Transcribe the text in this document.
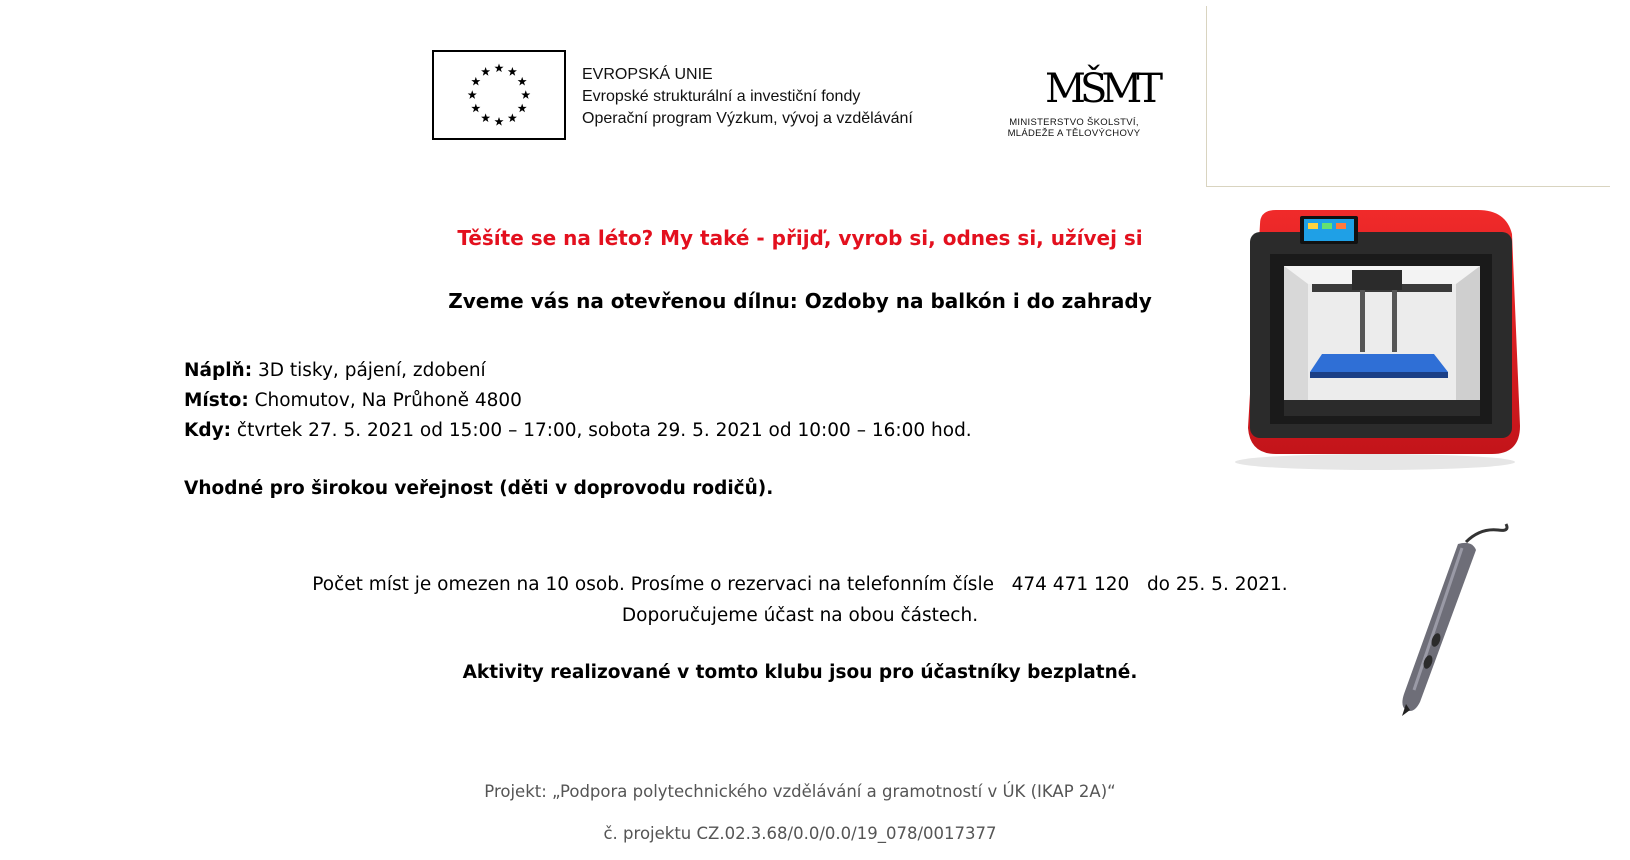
EVROPSKÁ UNIE
Evropské strukturální a investiční fondy
Operační program Výzkum, vývoj a vzdělávání
MŠMT
MINISTERSTVO ŠKOLSTVÍ,
MLÁDEŽE A TĚLOVÝCHOVY
Těšíte se na léto? My také - přijď, vyrob si, odnes si, užívej si
Zveme vás na otevřenou dílnu: Ozdoby na balkón i do zahrady
Náplň: 3D tisky, pájení, zdobení
Místo: Chomutov, Na Průhoně 4800
Kdy: čtvrtek 27. 5. 2021 od 15:00 – 17:00, sobota 29. 5. 2021 od 10:00 – 16:00 hod.
Vhodné pro širokou veřejnost (děti v doprovodu rodičů).
Počet míst je omezen na 10 osob. Prosíme o rezervaci na telefonním čísle   474 471 120   do 25. 5. 2021.
Doporučujeme účast na obou částech.
Aktivity realizované v tomto klubu jsou pro účastníky bezplatné.
Projekt: „Podpora polytechnického vzdělávání a gramotností v ÚK (IKAP 2A)“
č. projektu CZ.02.3.68/0.0/0.0/19_078/0017377
